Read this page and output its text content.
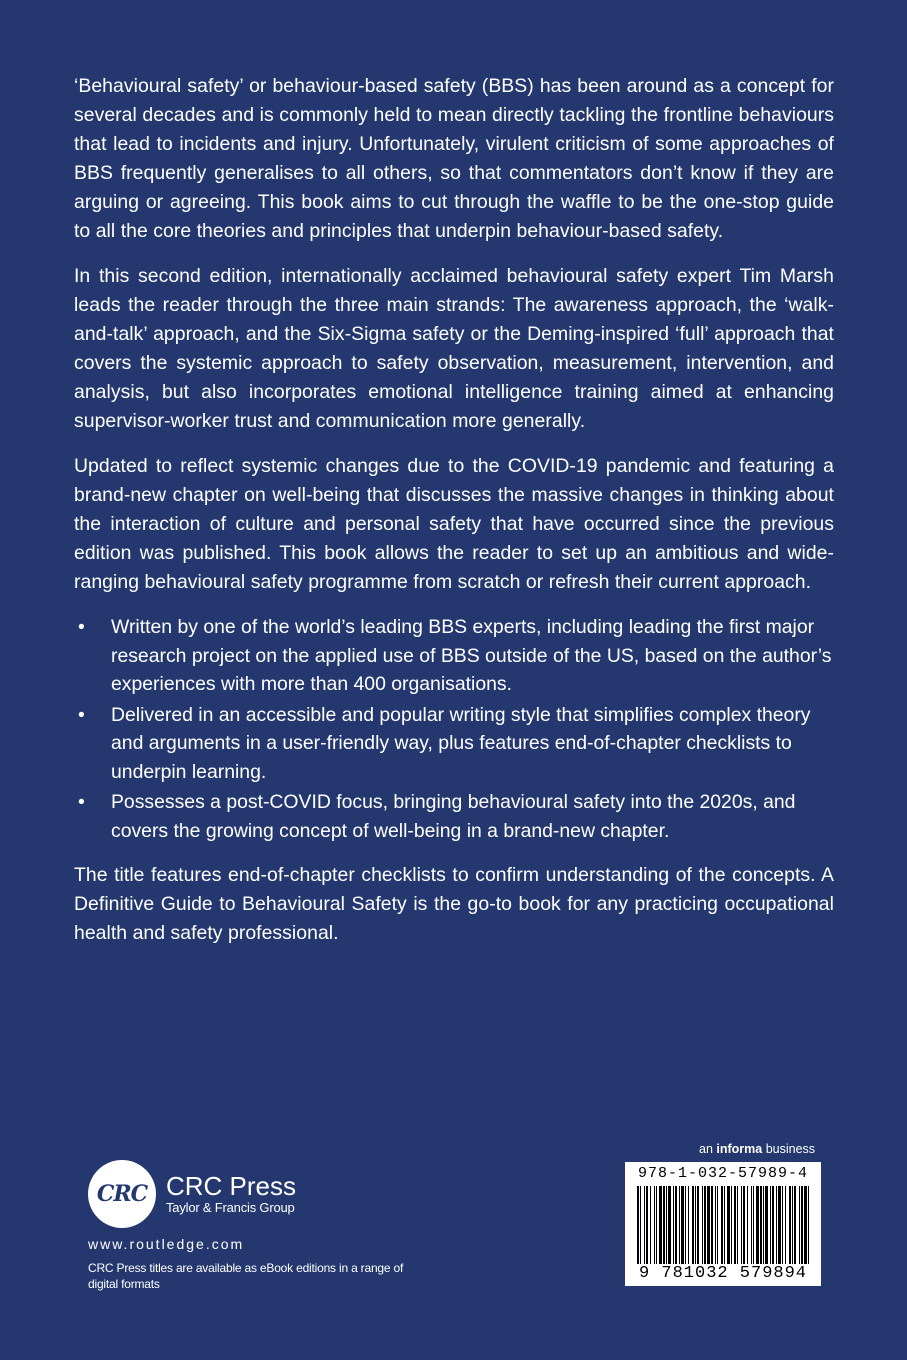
‘Behavioural safety’ or behaviour-based safety (BBS) has been around as a concept for several decades and is commonly held to mean directly tackling the frontline behaviours that lead to incidents and injury. Unfortunately, virulent criticism of some approaches of BBS frequently generalises to all others, so that commentators don’t know if they are arguing or agreeing. This book aims to cut through the waffle to be the one-stop guide to all the core theories and principles that underpin behaviour-based safety.

In this second edition, internationally acclaimed behavioural safety expert Tim Marsh leads the reader through the three main strands: The awareness approach, the ‘walk-and-talk’ approach, and the Six-Sigma safety or the Deming-inspired ‘full’ approach that covers the systemic approach to safety observation, measurement, intervention, and analysis, but also incorporates emotional intelligence training aimed at enhancing supervisor-worker trust and communication more generally.

Updated to reflect systemic changes due to the COVID-19 pandemic and featuring a brand-new chapter on well-being that discusses the massive changes in thinking about the interaction of culture and personal safety that have occurred since the previous edition was published. This book allows the reader to set up an ambitious and wide-ranging behavioural safety programme from scratch or refresh their current approach.

• Written by one of the world’s leading BBS experts, including leading the first major research project on the applied use of BBS outside of the US, based on the author’s experiences with more than 400 organisations.
• Delivered in an accessible and popular writing style that simplifies complex theory and arguments in a user-friendly way, plus features end-of-chapter checklists to underpin learning.
• Possesses a post-COVID focus, bringing behavioural safety into the 2020s, and covers the growing concept of well-being in a brand-new chapter.

The title features end-of-chapter checklists to confirm understanding of the concepts. A Definitive Guide to Behavioural Safety is the go-to book for any practicing occupational health and safety professional.

CRC CRC Press
Taylor & Francis Group
www.routledge.com
CRC Press titles are available as eBook editions in a range of digital formats
an informa business
978-1-032-57989-4
9 781032 579894
